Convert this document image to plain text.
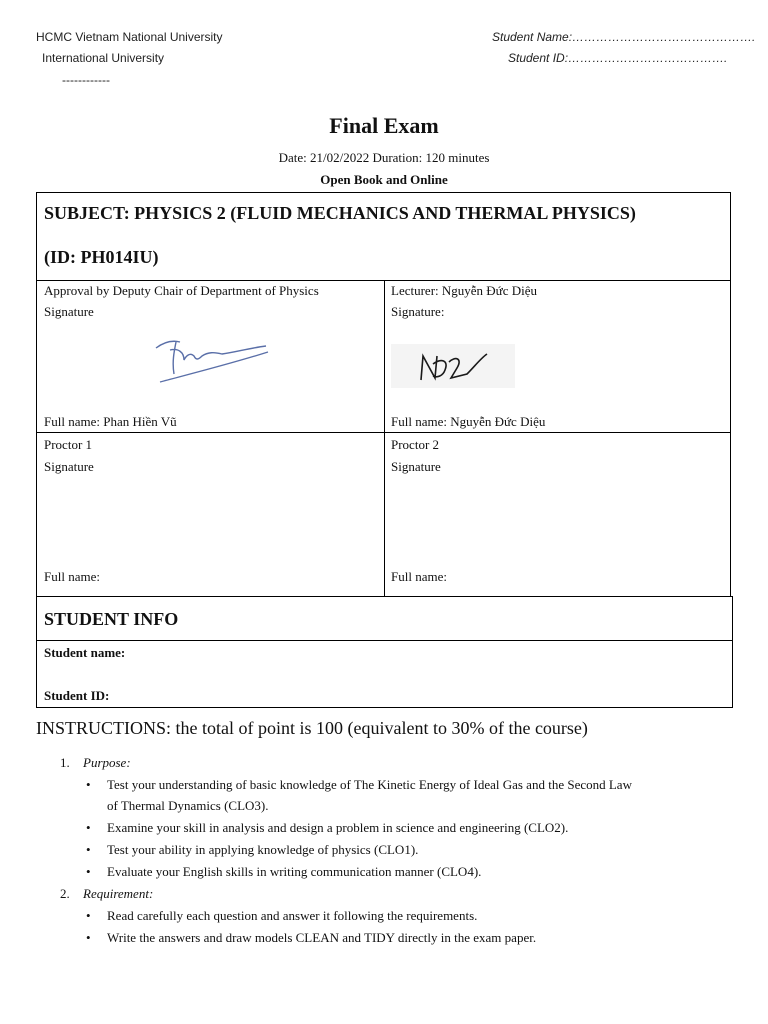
HCMC Vietnam National University
International University
------------
Student Name:……………………………………….
Student ID:………………………………….
Final Exam
Date: 21/02/2022 Duration: 120 minutes
Open Book and Online
SUBJECT: PHYSICS 2 (FLUID MECHANICS AND THERMAL PHYSICS)
(ID: PH014IU)
Approval by Deputy Chair of Department of Physics
Signature
Full name: Phan Hiền Vũ
Lecturer: Nguyễn Đức Diệu
Signature:
Full name: Nguyễn Đức Diệu
Proctor 1
Signature
Full name:
Proctor 2
Signature
Full name:
STUDENT INFO
Student name:
Student ID:
INSTRUCTIONS: the total of point is 100 (equivalent to 30% of the course)
1. Purpose:
• Test your understanding of basic knowledge of The Kinetic Energy of Ideal Gas and the Second Law
of Thermal Dynamics (CLO3).
• Examine your skill in analysis and design a problem in science and engineering (CLO2).
• Test your ability in applying knowledge of physics (CLO1).
• Evaluate your English skills in writing communication manner (CLO4).
2. Requirement:
• Read carefully each question and answer it following the requirements.
• Write the answers and draw models CLEAN and TIDY directly in the exam paper.
